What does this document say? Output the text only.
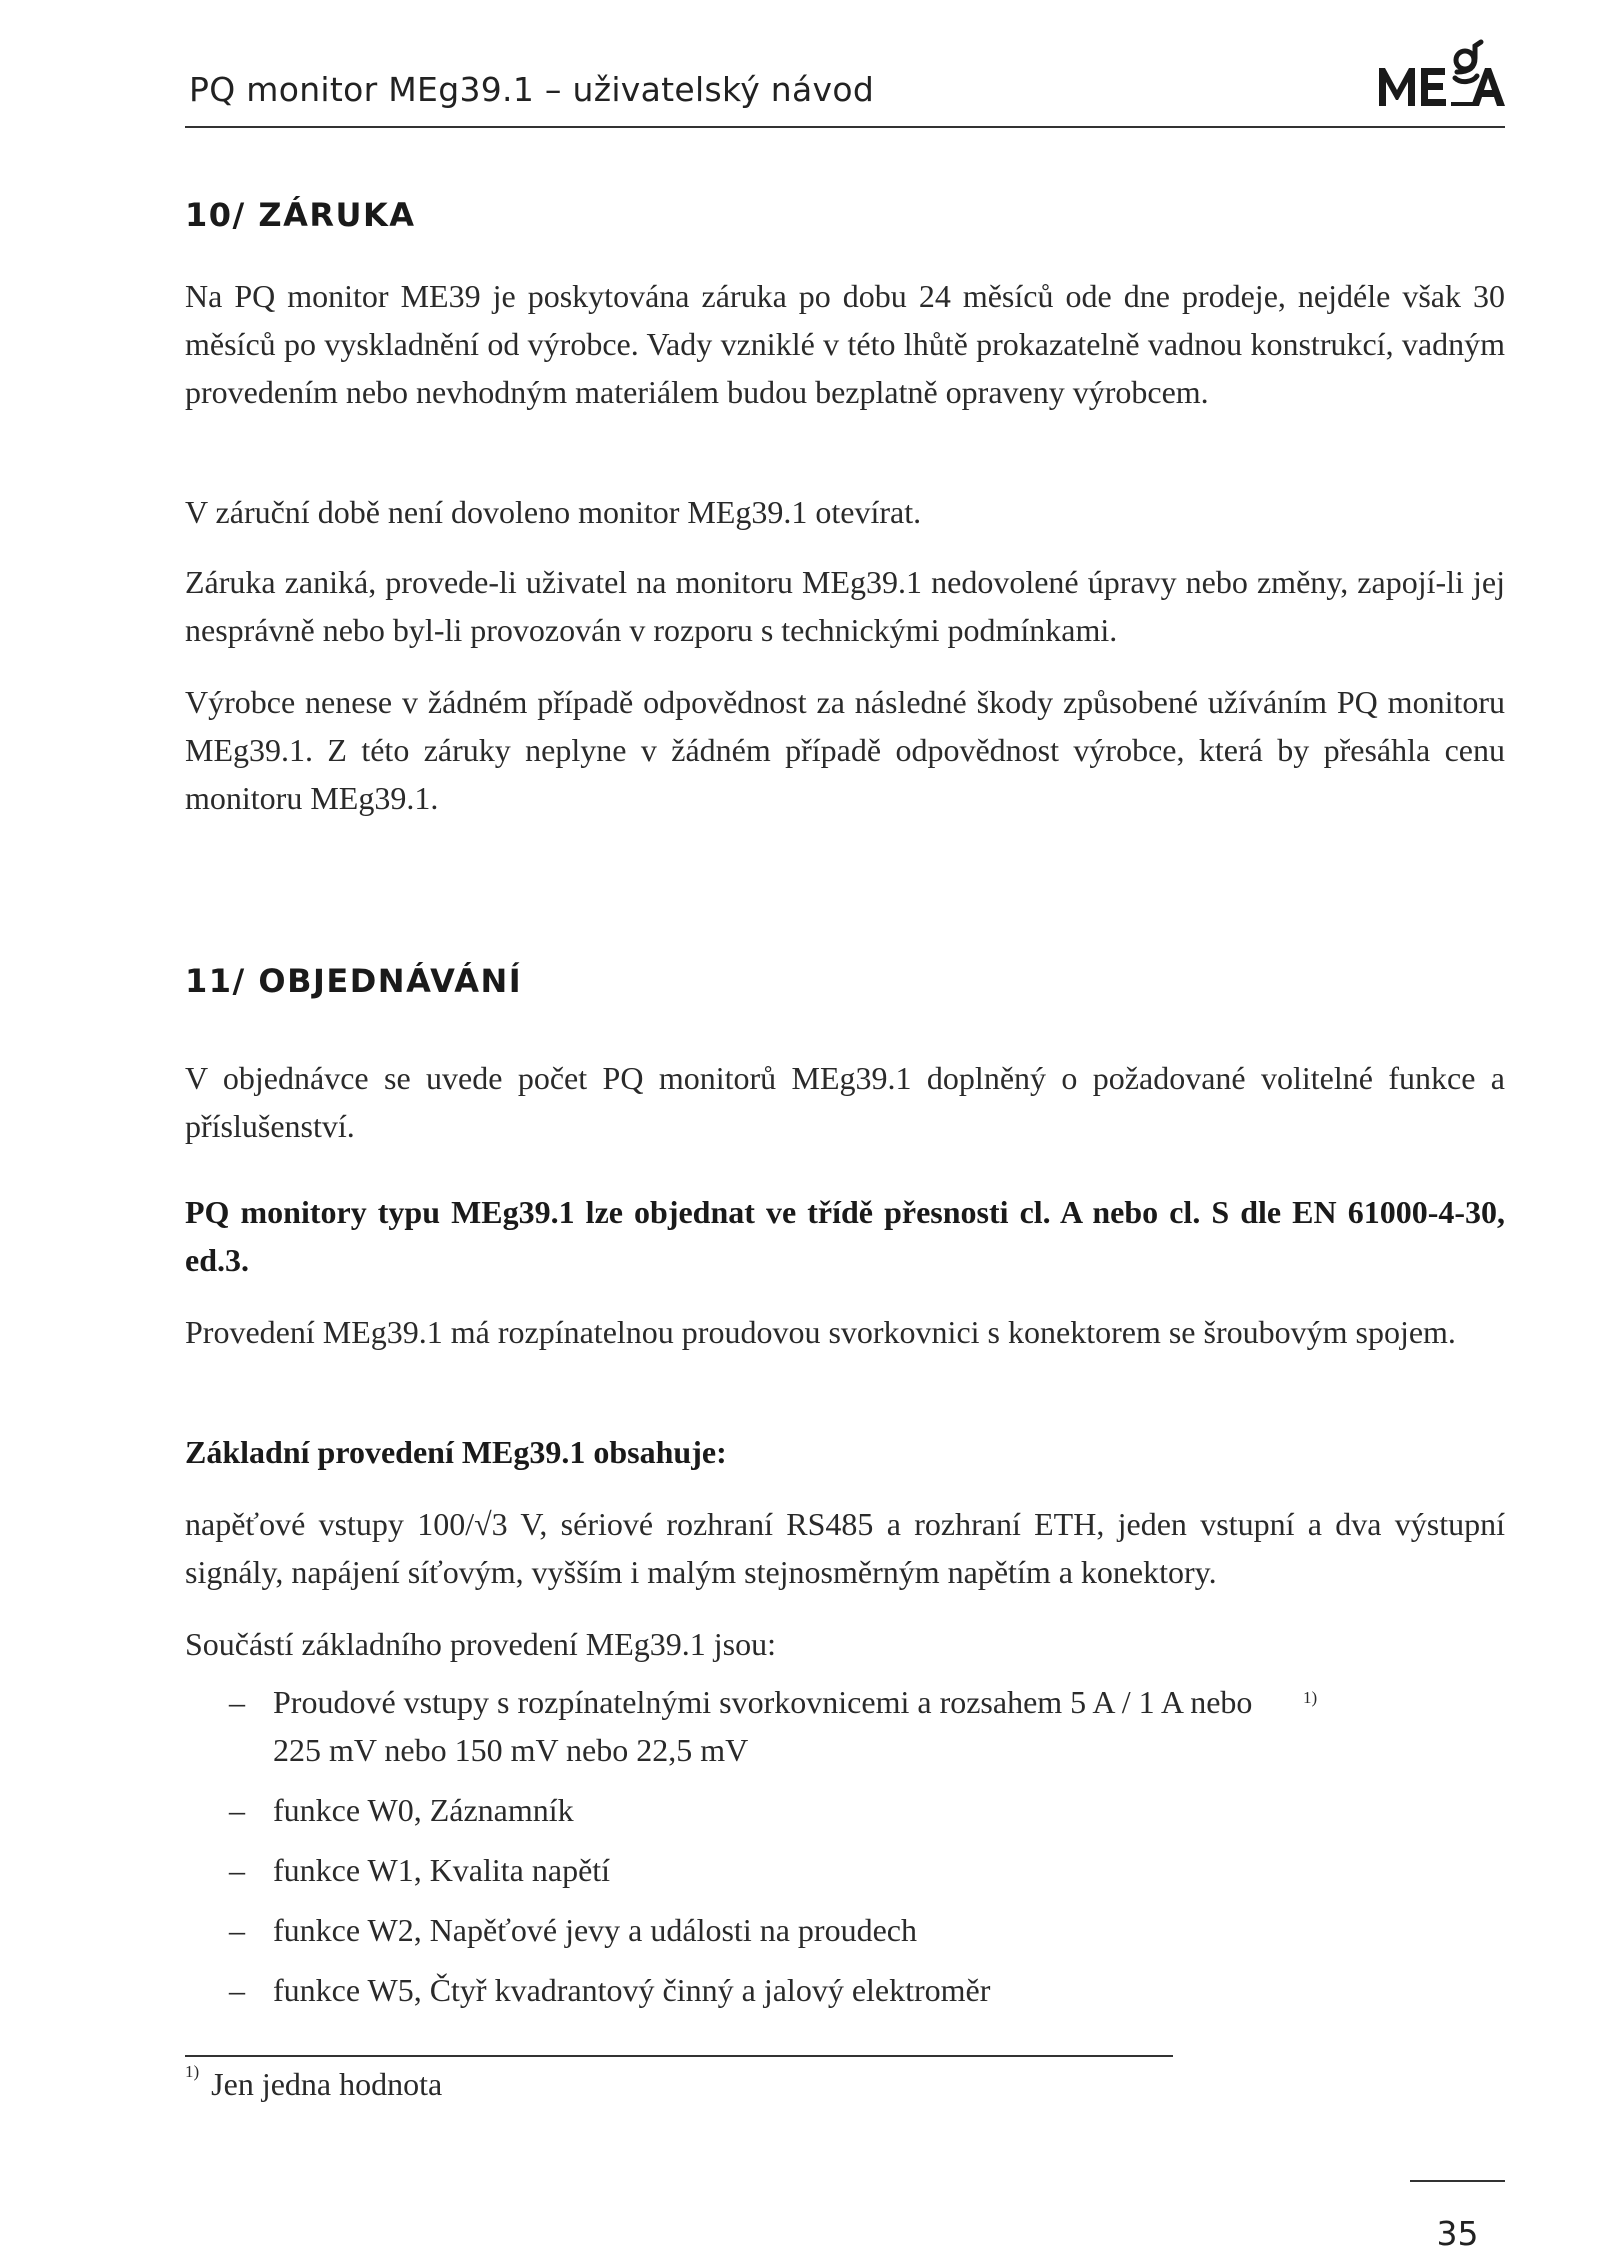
PQ monitor MEg39.1 – uživatelský návod
10/ ZÁRUKA

Na PQ monitor ME39 je poskytována záruka po dobu 24 měsíců ode dne prodeje, nejdéle však 30 měsíců po vyskladnění od výrobce. Vady vzniklé v této lhůtě prokazatelně vadnou konstrukcí, vadným provedením nebo nevhodným materiálem budou bezplatně opraveny výrobcem.

V záruční době není dovoleno monitor MEg39.1 otevírat.

Záruka zaniká, provede-li uživatel na monitoru MEg39.1 nedovolené úpravy nebo změny, zapojí-li jej nesprávně nebo byl-li provozován v rozporu s technickými podmínkami.

Výrobce nenese v žádném případě odpovědnost za následné škody způsobené užíváním PQ monitoru MEg39.1. Z této záruky neplyne v žádném případě odpovědnost výrobce, která by přesáhla cenu monitoru MEg39.1.

11/ OBJEDNÁVÁNÍ

V objednávce se uvede počet PQ monitorů MEg39.1 doplněný o požadované volitelné funkce a příslušenství.

PQ monitory typu MEg39.1 lze objednat ve třídě přesnosti cl. A nebo cl. S dle EN 61000-4-30, ed.3.

Provedení MEg39.1 má rozpínatelnou proudovou svorkovnici s konektorem se šroubovým spojem.

Základní provedení MEg39.1 obsahuje:

napěťové vstupy 100/√3 V, sériové rozhraní RS485 a rozhraní ETH, jeden vstupní a dva výstupní signály, napájení síťovým, vyšším i malým stejnosměrným napětím a konektory.

Součástí základního provedení MEg39.1 jsou:

– Proudové vstupy s rozpínatelnými svorkovnicemi a rozsahem 5 A / 1 A nebo 225 mV nebo 150 mV nebo 22,5 $mV^{1)}$
– funkce W0, Záznamník
– funkce W1, Kvalita napětí
– funkce W2, Napěťové jevy a události na proudech
– funkce W5, Čtyř kvadrantový činný a jalový elektroměr
$^{1)}$ Jen jedna hodnota
35
